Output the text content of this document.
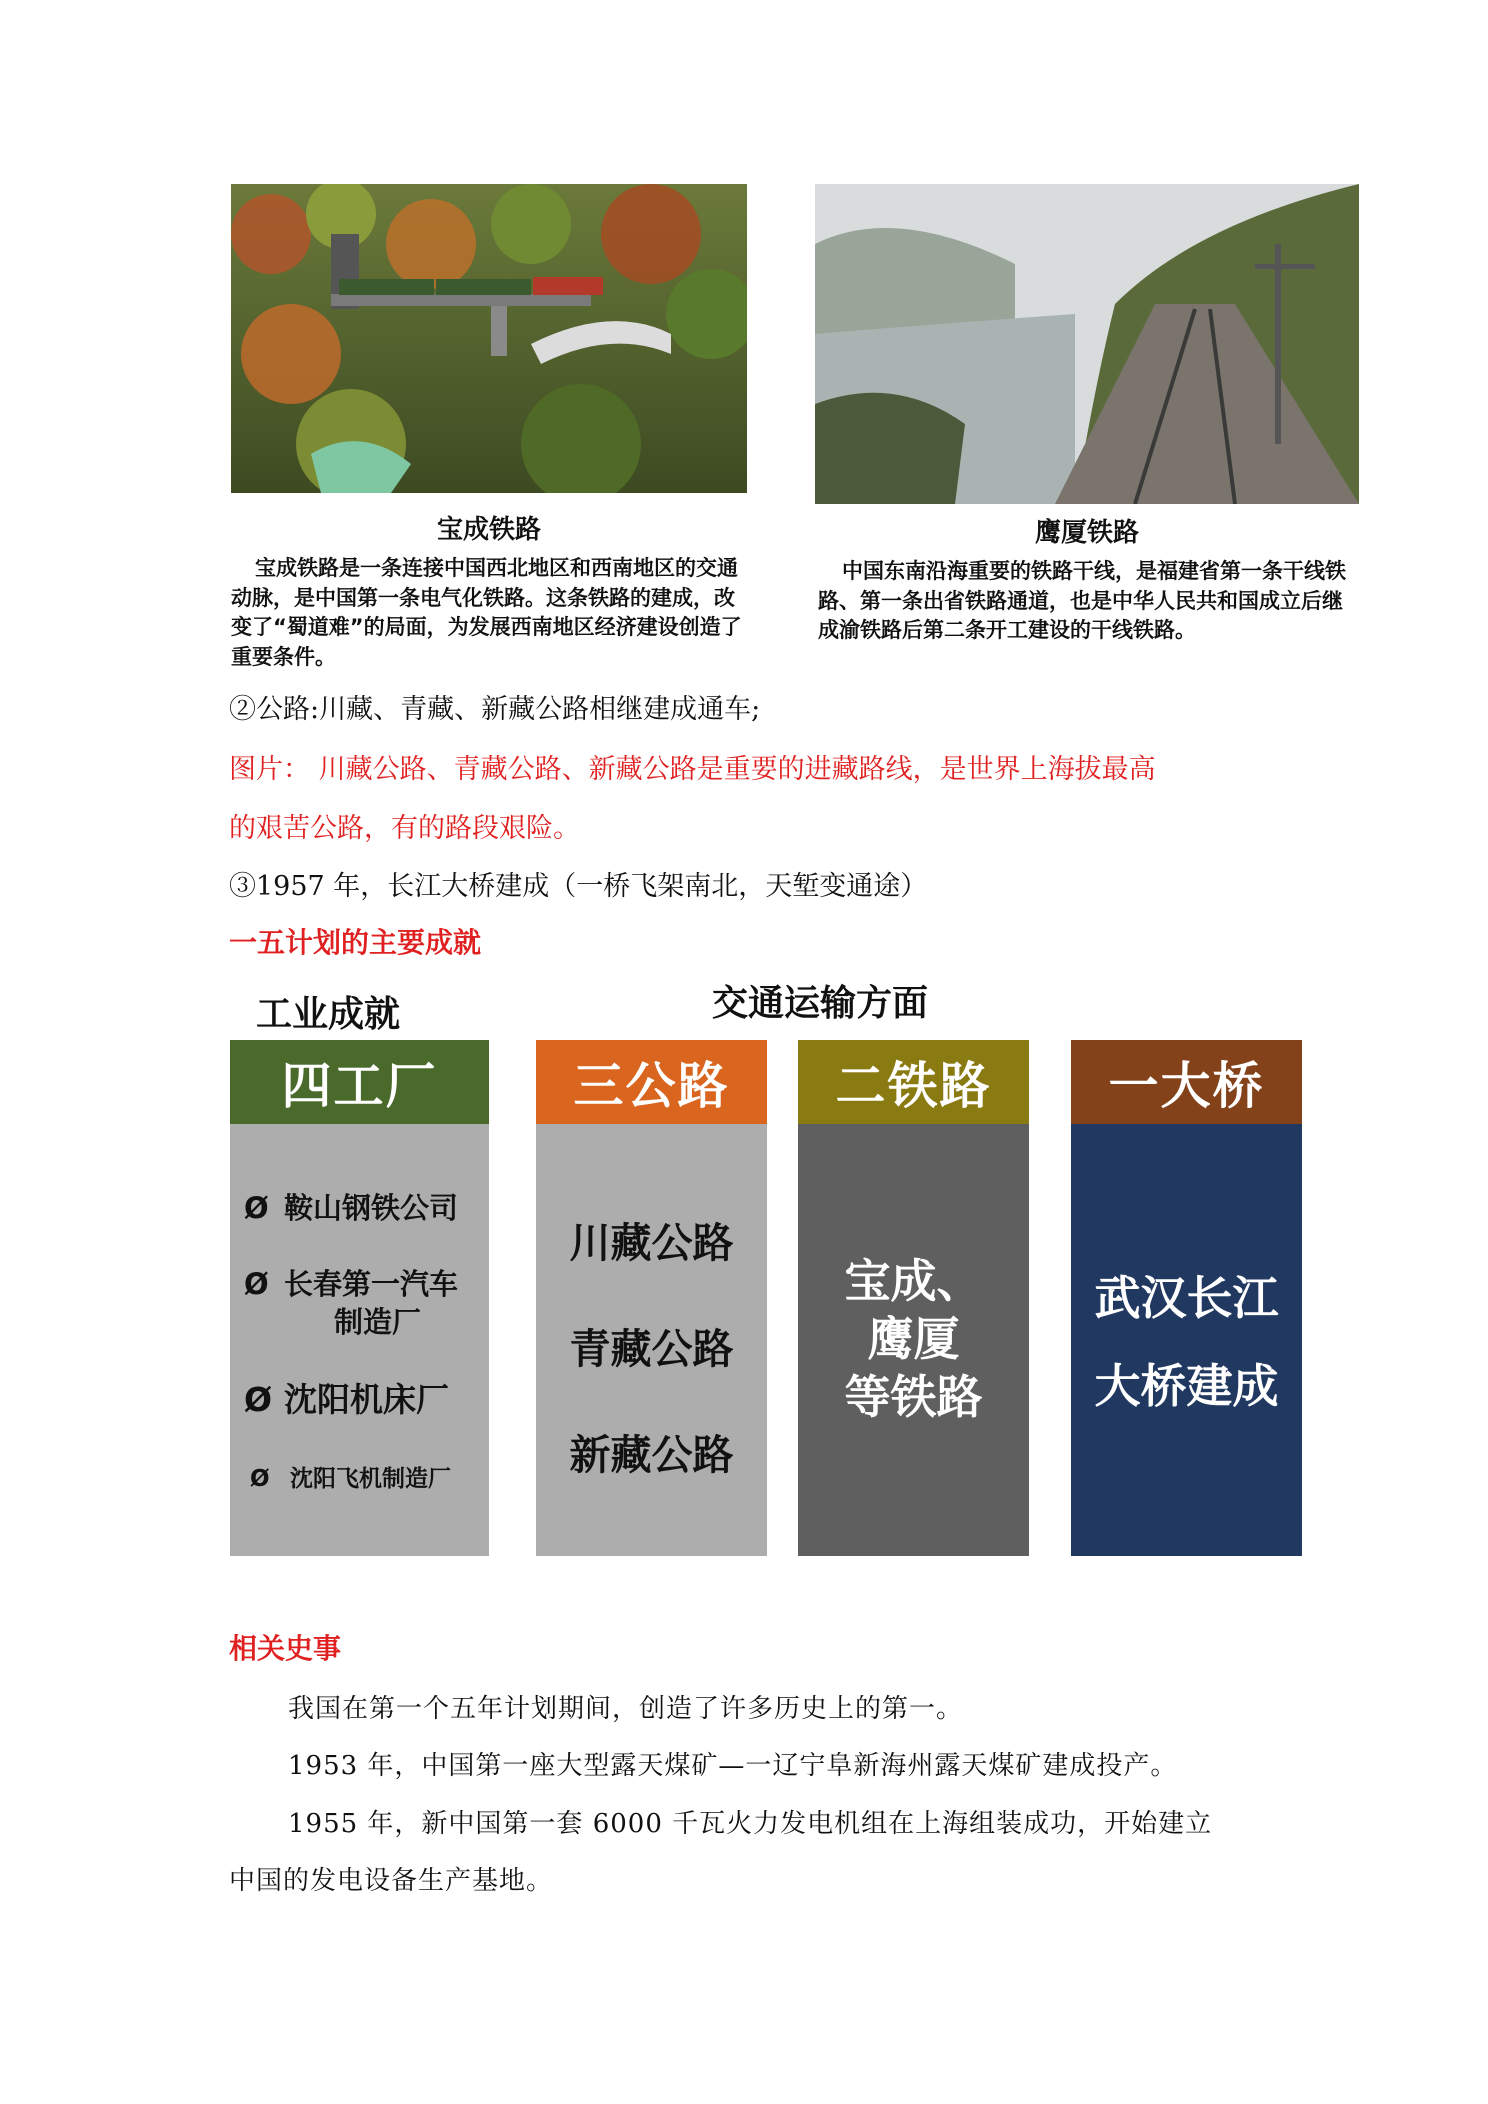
宝成铁路
宝成铁路是一条连接中国西北地区和西南地区的交通动脉，是中国第一条电气化铁路。这条铁路的建成，改变了“蜀道难”的局面，为发展西南地区经济建设创造了重要条件。
鹰厦铁路
中国东南沿海重要的铁路干线，是福建省第一条干线铁路、第一条出省铁路通道，也是中华人民共和国成立后继成渝铁路后第二条开工建设的干线铁路。
②公路:川藏、青藏、新藏公路相继建成通车;
图片： 川藏公路、青藏公路、新藏公路是重要的进藏路线，是世界上海拔最高
的艰苦公路，有的路段艰险。
③1957 年，长江大桥建成（一桥飞架南北，天堑变通途）
一五计划的主要成就
工业成就	交通运输方面
四工厂
Ø 鞍山钢铁公司
Ø 长春第一汽车
制造厂
Ø 沈阳机床厂
Ø 沈阳飞机制造厂
三公路
川藏公路
青藏公路
新藏公路
二铁路
宝成、
鹰厦
等铁路
一大桥
武汉长江
大桥建成
相关史事
我国在第一个五年计划期间，创造了许多历史上的第一。
1953 年，中国第一座大型露天煤矿—一辽宁阜新海州露天煤矿建成投产。
1955 年，新中国第一套 6000 千瓦火力发电机组在上海组装成功，开始建立
中国的发电设备生产基地。
